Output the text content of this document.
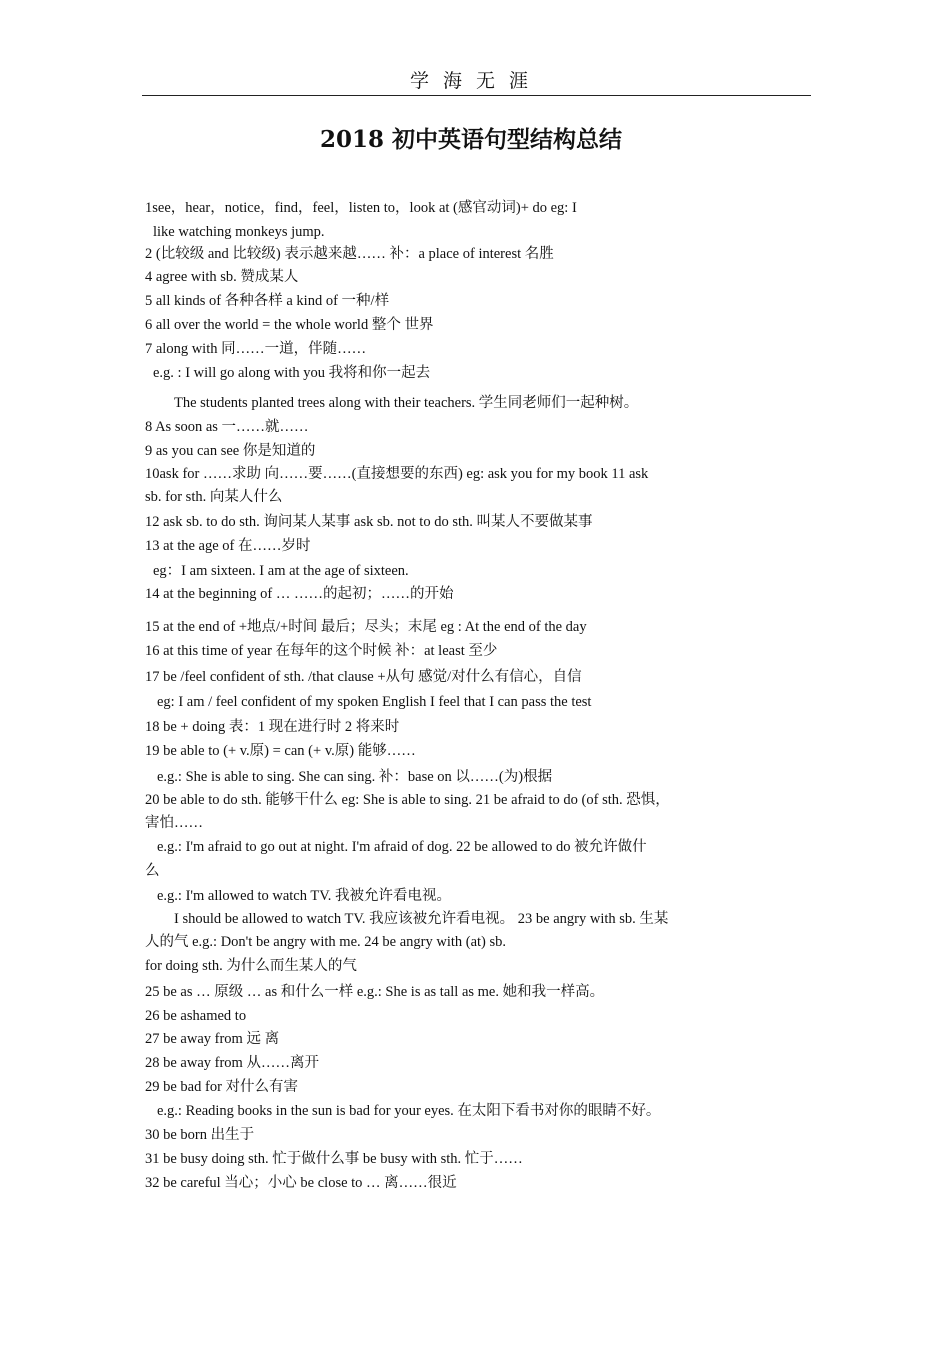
学海无涯
2018 初中英语句型结构总结
1see，hear，notice，find，feel，listen to，look at (感官动词)+ do eg: I
like watching monkeys jump.
2 (比较级 and 比较级) 表示越来越…… 补：a place of interest 名胜
4 agree with sb. 赞成某人
5 all kinds of 各种各样 a kind of 一种/样
6 all over the world = the whole world 整个 世界
7 along with 同……一道，伴随……
e.g. : I will go along with you 我将和你一起去
The students planted trees along with their teachers. 学生同老师们一起种树。
8 As soon as 一……就……
9 as you can see 你是知道的
10ask for ……求助 向……要……(直接想要的东西) eg: ask you for my book 11 ask
sb. for sth. 向某人什么
12 ask sb. to do sth. 询问某人某事 ask sb. not to do sth. 叫某人不要做某事
13 at the age of 在……岁时
eg：I am sixteen. I am at the age of sixteen.
14 at the beginning of … ……的起初；……的开始
15 at the end of +地点/+时间 最后；尽头；末尾 eg : At the end of the day
16 at this time of year 在每年的这个时候 补：at least 至少
17 be /feel confident of sth. /that clause +从句 感觉/对什么有信心，自信
eg: I am / feel confident of my spoken English I feel that I can pass the test
18 be + doing 表：1 现在进行时 2 将来时
19 be able to (+ v.原) = can (+ v.原) 能够……
e.g.: She is able to sing. She can sing. 补：base on 以……(为)根据
20 be able to do sth. 能够干什么 eg: She is able to sing. 21 be afraid to do (of sth. 恐惧，
害怕……
e.g.: I'm afraid to go out at night. I'm afraid of dog. 22 be allowed to do 被允许做什
么
e.g.: I'm allowed to watch TV. 我被允许看电视。
I should be allowed to watch TV. 我应该被允许看电视。 23 be angry with sb. 生某
人的气 e.g.: Don't be angry with me. 24 be angry with (at) sb.
for doing sth. 为什么而生某人的气
25 be as … 原级 … as 和什么一样 e.g.: She is as tall as me. 她和我一样高。
26 be ashamed to
27 be away from 远 离
28 be away from 从……离开
29 be bad for 对什么有害
e.g.: Reading books in the sun is bad for your eyes. 在太阳下看书对你的眼睛不好。
30 be born 出生于
31 be busy doing sth. 忙于做什么事 be busy with sth. 忙于……
32 be careful 当心；小心 be close to … 离……很近
